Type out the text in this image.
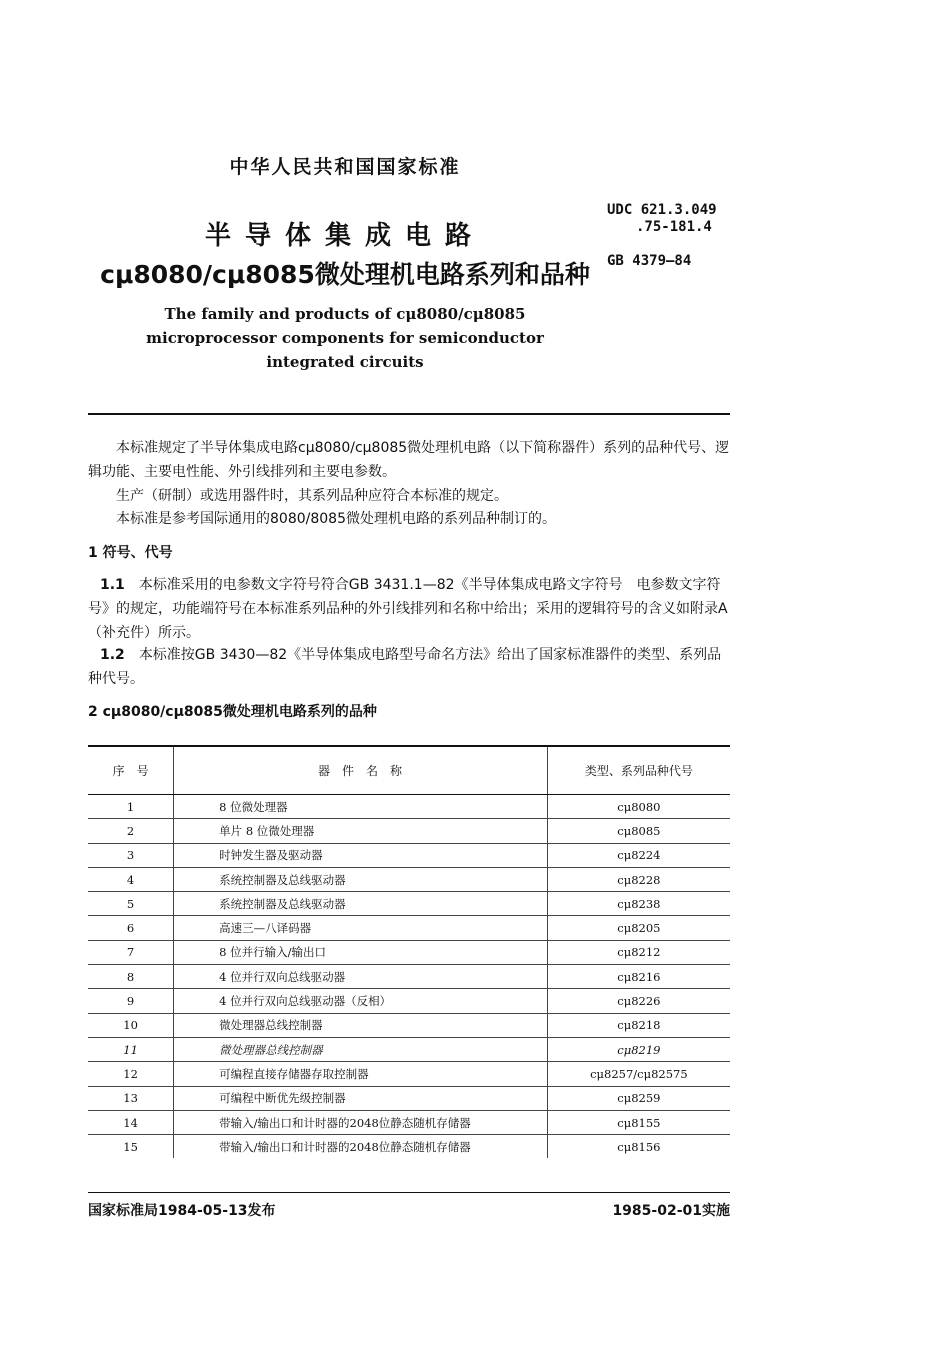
中华人民共和国国家标准
UDC 621.3.049
.75-181.4
GB 4379—84
半导体集成电路
cμ8080/cμ8085微处理机电路系列和品种
The family and products of cμ8080/cμ8085
microprocessor components for semiconductor
integrated circuits
本标准规定了半导体集成电路cμ8080/cμ8085微处理机电路（以下简称器件）系列的品种代号、逻辑功能、主要电性能、外引线排列和主要电参数。
生产（研制）或选用器件时，其系列品种应符合本标准的规定。
本标准是参考国际通用的8080/8085微处理机电路的系列品种制订的。
1 符号、代号
1.1　 本标准采用的电参数文字符号符合GB 3431.1—82《半导体集成电路文字符号　电参数文字符号》的规定，功能端符号在本标准系列品种的外引线排列和名称中给出；采用的逻辑符号的含义如附录A（补充件）所示。
1.2　 本标准按GB 3430—82《半导体集成电路型号命名方法》给出了国家标准器件的类型、系列品种代号。
2 cμ8080/cμ8085微处理机电路系列的品种
序　号	器　件　名　称	类型、系列品种代号
1	8 位微处理器	cμ8080
2	单片 8 位微处理器	cμ8085
3	时钟发生器及驱动器	cμ8224
4	系统控制器及总线驱动器	cμ8228
5	系统控制器及总线驱动器	cμ8238
6	高速三—八译码器	cμ8205
7	8 位并行输入/输出口	cμ8212
8	4 位并行双向总线驱动器	cμ8216
9	4 位并行双向总线驱动器（反相）	cμ8226
10	微处理器总线控制器	cμ8218
11	微处理器总线控制器	cμ8219
12	可编程直接存储器存取控制器	cμ8257/cμ82575
13	可编程中断优先级控制器	cμ8259
14	带输入/输出口和计时器的2048位静态随机存储器	cμ8155
15	带输入/输出口和计时器的2048位静态随机存储器	cμ8156
国家标准局1984-05-13发布	1985-02-01实施
